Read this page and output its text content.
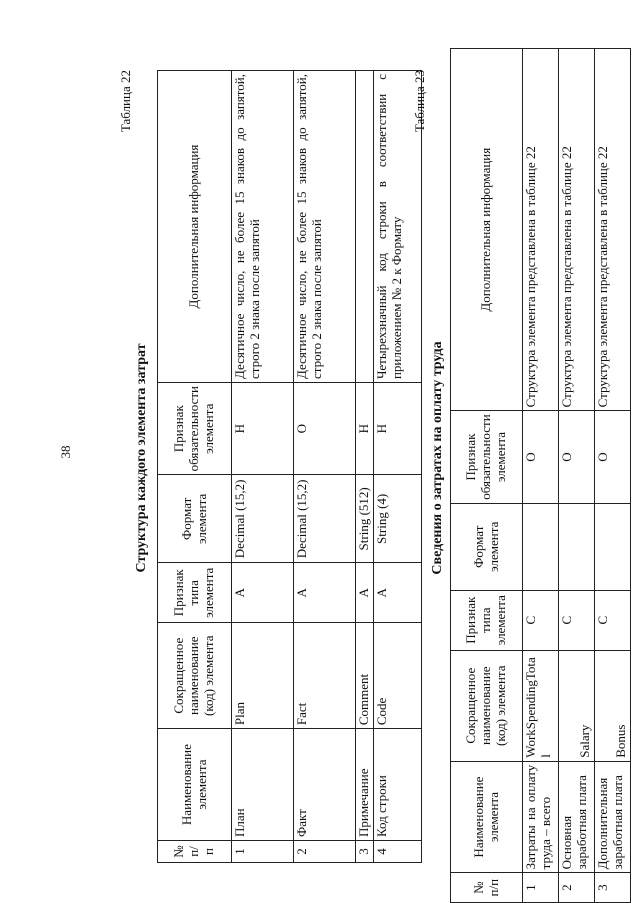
38
Таблица 22
Структура каждого элемента затрат
№ п/п	Наименование элемента	Сокращенное наименование (код) элемента	Признак типа элемента	Формат элемента	Признак обязательности элемента	Дополнительная информация
1	План	Plan	А	Decimal (15,2)	Н	Десятичное число, не более 15 знаков до запятой, строго 2 знака после запятой
2	Факт	Fact	А	Decimal (15,2)	О	Десятичное число, не более 15 знаков до запятой, строго 2 знака после запятой
3	Примечание	Comment	А	String (512)	Н	
4	Код строки	Code	А	String (4)	Н	Четырехзначный код строки в соответствии с приложением № 2 к Формату
Таблица 23
Сведения о затратах на оплату труда
№ п/п	Наименование элемента	Сокращенное наименование (код) элемента	Признак типа элемента	Формат элемента	Признак обязательности элемента	Дополнительная информация
1	Затраты на оплату труда – всего	WorkSpendingTotal	С		О	Структура элемента представлена в таблице 22
2	Основная заработная плата	Salary	С		О	Структура элемента представлена в таблице 22
3	Дополнительная заработная плата	Bonus	С		О	Структура элемента представлена в таблице 22
